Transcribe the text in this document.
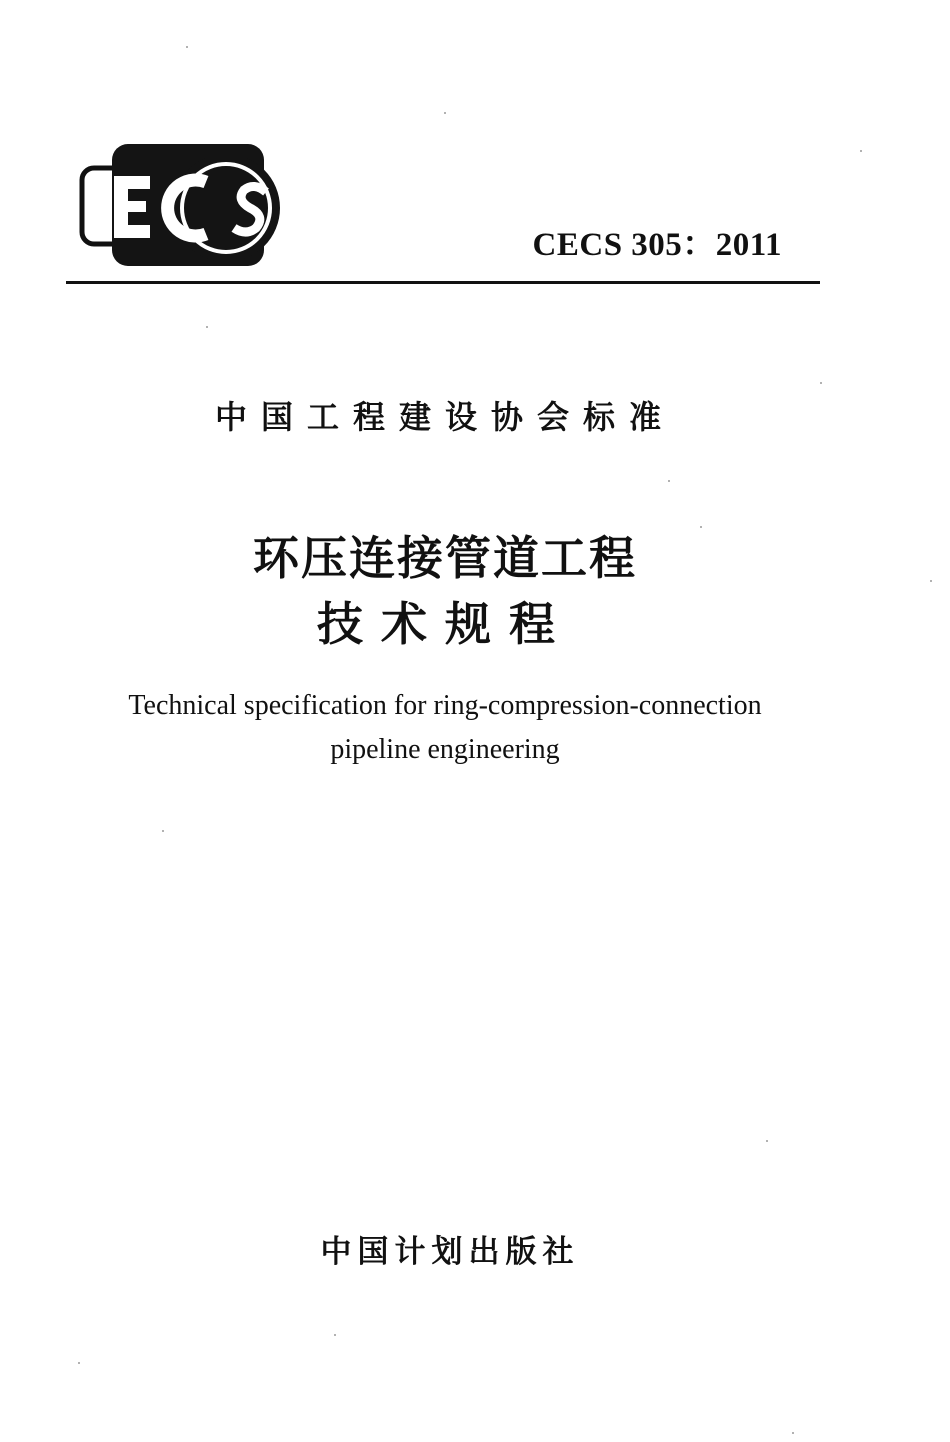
CECS 305：2011
中国工程建设协会标准
环压连接管道工程
技术规程
Technical specification for ring-compression-connection
pipeline engineering
中国计划出版社
